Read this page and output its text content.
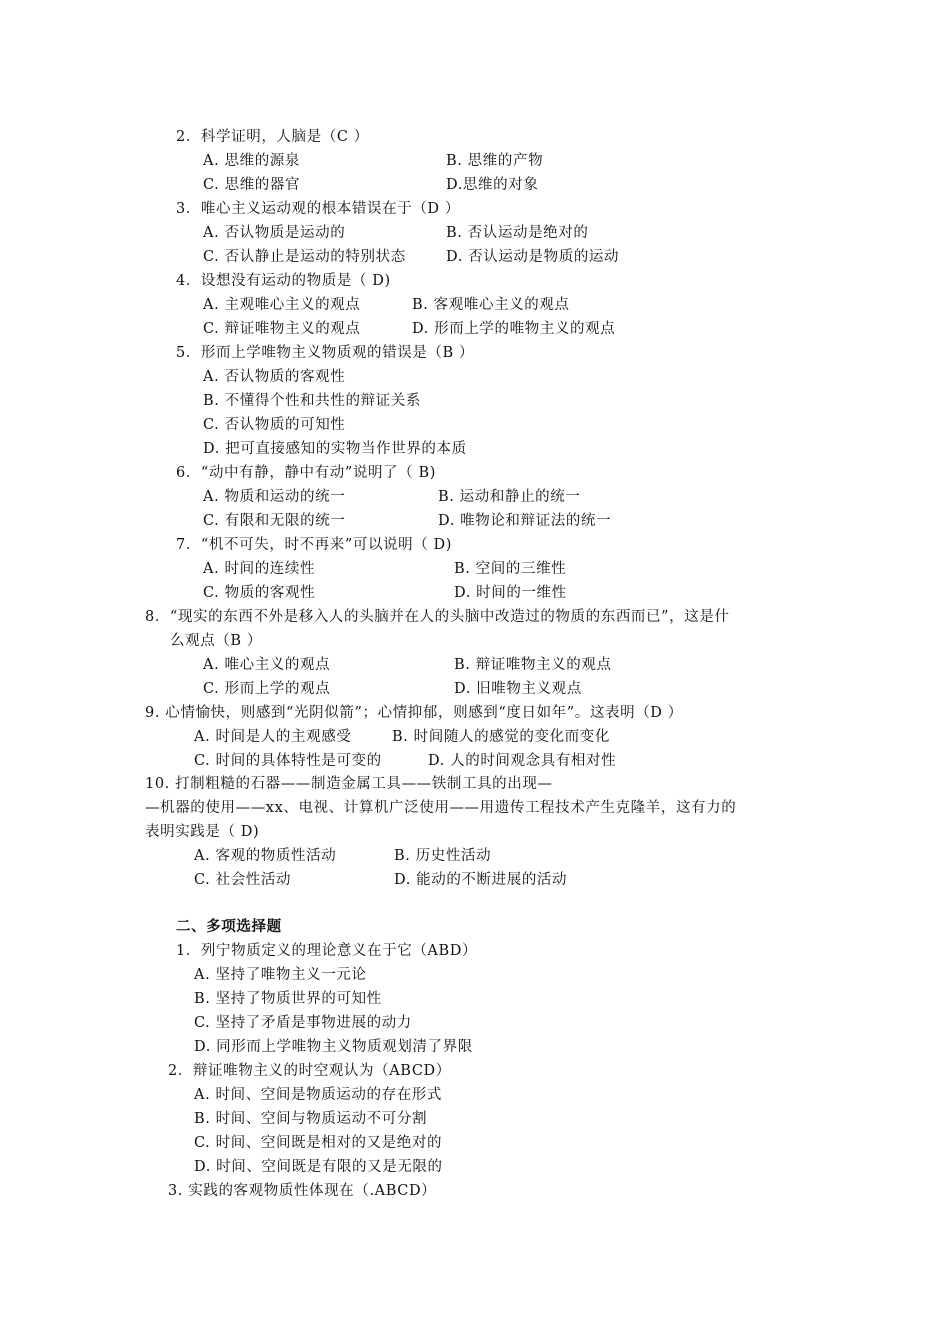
2．科学证明，人脑是（C ）
A. 思维的源泉	B. 思维的产物
C. 思维的器官	D.思维的对象
3．唯心主义运动观的根本错误在于（D ）
A. 否认物质是运动的	B. 否认运动是绝对的
C. 否认静止是运动的特别状态	D. 否认运动是物质的运动
4．设想没有运动的物质是（ D)
A. 主观唯心主义的观点	B. 客观唯心主义的观点
C. 辩证唯物主义的观点	D. 形而上学的唯物主义的观点
5．形而上学唯物主义物质观的错误是（B ）
A. 否认物质的客观性
B. 不懂得个性和共性的辩证关系
C. 否认物质的可知性
D. 把可直接感知的实物当作世界的本质
6．“动中有静，静中有动”说明了（ B)
A. 物质和运动的统一	B. 运动和静止的统一
C. 有限和无限的统一	D. 唯物论和辩证法的统一
7．“机不可失，时不再来”可以说明（ D)
A. 时间的连续性	B. 空间的三维性
C. 物质的客观性	D. 时间的一维性
8．“现实的东西不外是移入人的头脑并在人的头脑中改造过的物质的东西而已”，这是什
么观点（B ）
A. 唯心主义的观点	B. 辩证唯物主义的观点
C. 形而上学的观点	D. 旧唯物主义观点
9. 心情愉快，则感到“光阴似箭”；心情抑郁，则感到“度日如年”。这表明（D ）
A. 时间是人的主观感受	B. 时间随人的感觉的变化而变化
C. 时间的具体特性是可变的	D. 人的时间观念具有相对性
10. 打制粗糙的石器——制造金属工具——铁制工具的出现—
—机器的使用——xx、电视、计算机广泛使用——用遗传工程技术产生克隆羊，这有力的
表明实践是（ D)
A. 客观的物质性活动	B. 历史性活动
C. 社会性活动	D. 能动的不断进展的活动
二、多项选择题
1．列宁物质定义的理论意义在于它（ABD）
A. 坚持了唯物主义一元论
B. 坚持了物质世界的可知性
C. 坚持了矛盾是事物进展的动力
D. 同形而上学唯物主义物质观划清了界限
2．辩证唯物主义的时空观认为（ABCD）
A. 时间、空间是物质运动的存在形式
B. 时间、空间与物质运动不可分割
C. 时间、空间既是相对的又是绝对的
D. 时间、空间既是有限的又是无限的
3. 实践的客观物质性体现在（.ABCD）
